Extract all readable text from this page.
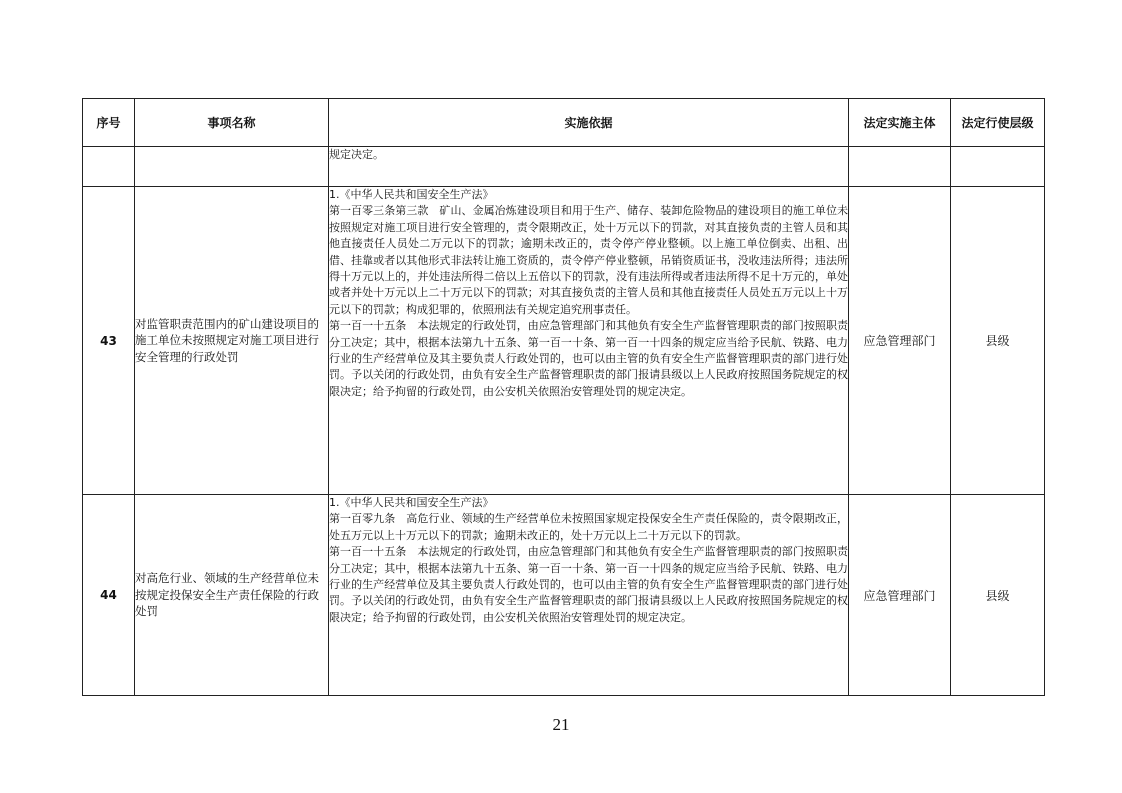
序号	事项名称	实施依据	法定实施主体	法定行使层级

		规定决定。		

43	对监管职责范围内的矿山建设项目的施工单位未按照规定对施工项目进行安全管理的行政处罚	1.《中华人民共和国安全生产法》
第一百零三条第三款　矿山、金属冶炼建设项目和用于生产、储存、装卸危险物品的建设项目的施工单位未按照规定对施工项目进行安全管理的，责令限期改正，处十万元以下的罚款，对其直接负责的主管人员和其他直接责任人员处二万元以下的罚款；逾期未改正的，责令停产停业整顿。以上施工单位倒卖、出租、出借、挂靠或者以其他形式非法转让施工资质的，责令停产停业整顿，吊销资质证书，没收违法所得；违法所得十万元以上的，并处违法所得二倍以上五倍以下的罚款，没有违法所得或者违法所得不足十万元的，单处或者并处十万元以上二十万元以下的罚款；对其直接负责的主管人员和其他直接责任人员处五万元以上十万元以下的罚款；构成犯罪的，依照刑法有关规定追究刑事责任。
第一百一十五条　本法规定的行政处罚，由应急管理部门和其他负有安全生产监督管理职责的部门按照职责分工决定；其中，根据本法第九十五条、第一百一十条、第一百一十四条的规定应当给予民航、铁路、电力行业的生产经营单位及其主要负责人行政处罚的，也可以由主管的负有安全生产监督管理职责的部门进行处罚。予以关闭的行政处罚，由负有安全生产监督管理职责的部门报请县级以上人民政府按照国务院规定的权限决定；给予拘留的行政处罚，由公安机关依照治安管理处罚的规定决定。	应急管理部门	县级
44	对高危行业、领域的生产经营单位未按规定投保安全生产责任保险的行政处罚	1.《中华人民共和国安全生产法》
第一百零九条　高危行业、领域的生产经营单位未按照国家规定投保安全生产责任保险的，责令限期改正，处五万元以上十万元以下的罚款；逾期未改正的，处十万元以上二十万元以下的罚款。
第一百一十五条　本法规定的行政处罚，由应急管理部门和其他负有安全生产监督管理职责的部门按照职责分工决定；其中，根据本法第九十五条、第一百一十条、第一百一十四条的规定应当给予民航、铁路、电力行业的生产经营单位及其主要负责人行政处罚的，也可以由主管的负有安全生产监督管理职责的部门进行处罚。予以关闭的行政处罚，由负有安全生产监督管理职责的部门报请县级以上人民政府按照国务院规定的权限决定；给予拘留的行政处罚，由公安机关依照治安管理处罚的规定决定。	应急管理部门	县级
21
